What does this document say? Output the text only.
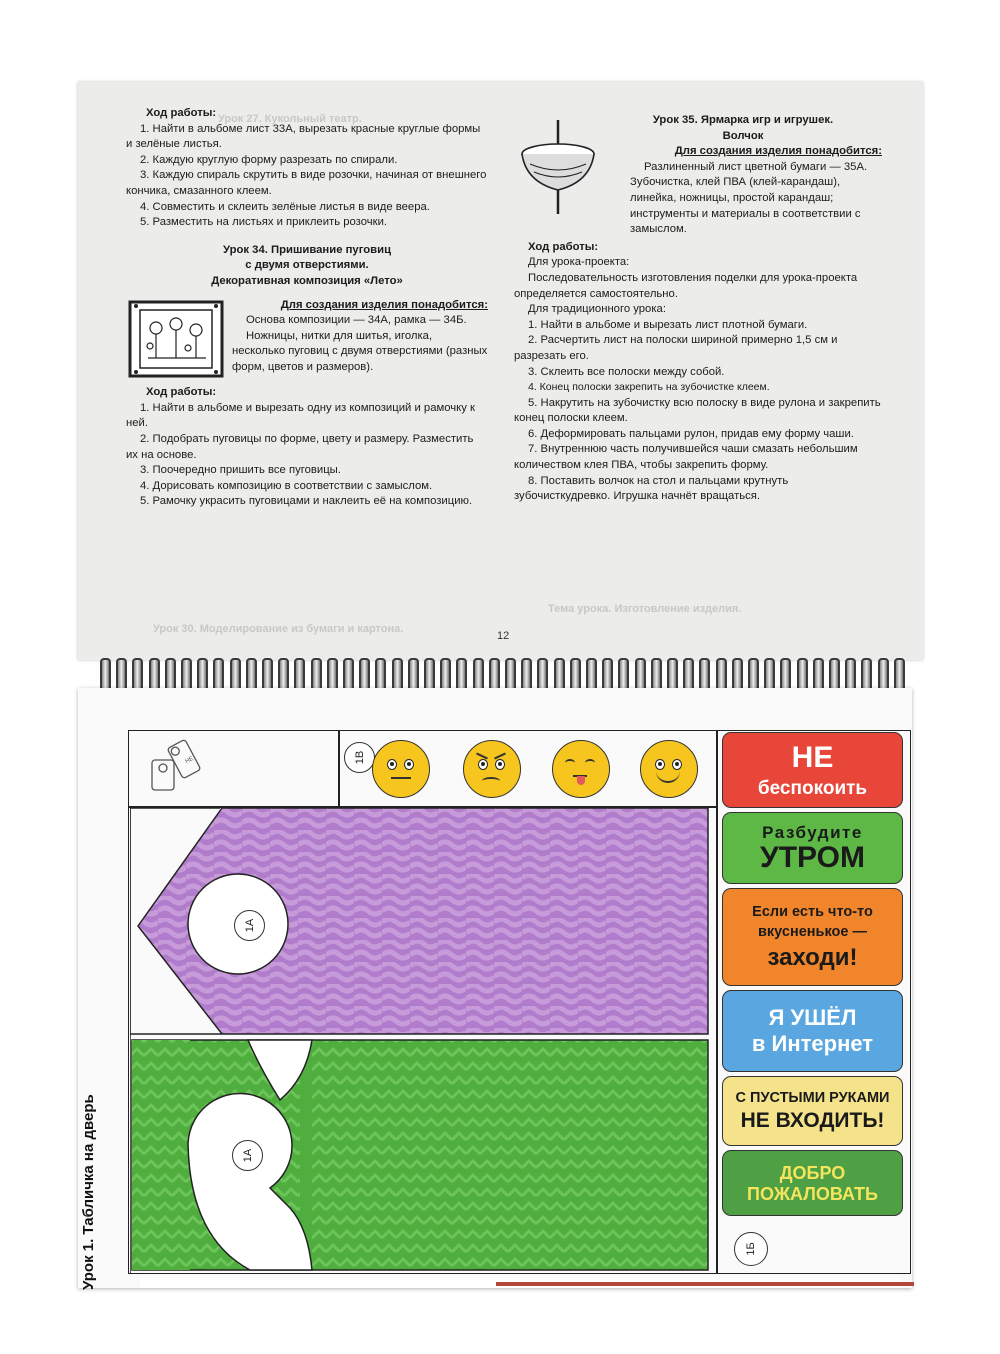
Урок 27. Кукольный театр.
Урок 30. Моделирование из бумаги и картона.
Тема урока. Изготовление изделия.

Ход работы:

1. Найти в альбоме лист 33А, вырезать красные круглые формы и зелёные листья.

2. Каждую круглую форму разрезать по спирали.

3. Каждую спираль скрутить в виде розочки, начиная от внешнего кончика, смазанного клеем.

4. Совместить и склеить зелёные листья в виде веера.

5. Разместить на листьях и приклеить розочки.

Урок 34. Пришивание пуговиц

с двумя отверстиями.

Декоративная композиция «Лето»

Для создания изделия понадобится:

Основа композиции — 34А, рамка — 34Б.

Ножницы, нитки для шитья, иголка, несколько пуговиц с двумя отверстиями (разных форм, цветов и размеров).

Ход работы:

1. Найти в альбоме и вырезать одну из композиций и рамочку к ней.

2. Подобрать пуговицы по форме, цвету и размеру. Разместить их на основе.

3. Поочередно пришить все пуговицы.

4. Дорисовать композицию в соответствии с замыслом.

5. Рамочку украсить пуговицами и наклеить её на композицию.

Урок 35. Ярмарка игр и игрушек.

Волчок

Для создания изделия понадобится:

Разлиненный лист цветной бумаги — 35А. Зубочистка, клей ПВА (клей-карандаш), линейка, ножницы, простой карандаш; инструменты и материалы в соответствии с замыслом.

Ход работы:

Для урока-проекта:

Последовательность изготовления поделки для урока-проекта определяется самостоятельно.

Для традиционного урока:

1. Найти в альбоме и вырезать лист плотной бумаги.

2. Расчертить лист на полоски шириной примерно 1,5 см и разрезать его.

3. Склеить все полоски между собой.

4. Конец полоски закрепить на зубочистке клеем.

5. Накрутить на зубочистку всю полоску в виде рулона и закрепить конец полоски клеем.

6. Деформировать пальцами рулон, придав ему форму чаши.

7. Внутреннюю часть получившейся чаши смазать небольшим количеством клея ПВА, чтобы закрепить форму.

8. Поставить волчок на стол и пальцами крутнуть зубочисткудревко. Игрушка начнёт вращаться.

12
Урок 1. Табличка на дверь
НЕ	1В
1А
1А
НЕ
беспокоить
Разбудите
УТРОМ
Если есть что-то
вкусненькое —
заходи!
Я УШЁЛ
в Интернет
С ПУСТЫМИ РУКАМИ
НЕ ВХОДИТЬ!
ДОБРО
ПОЖАЛОВАТЬ
1Б
